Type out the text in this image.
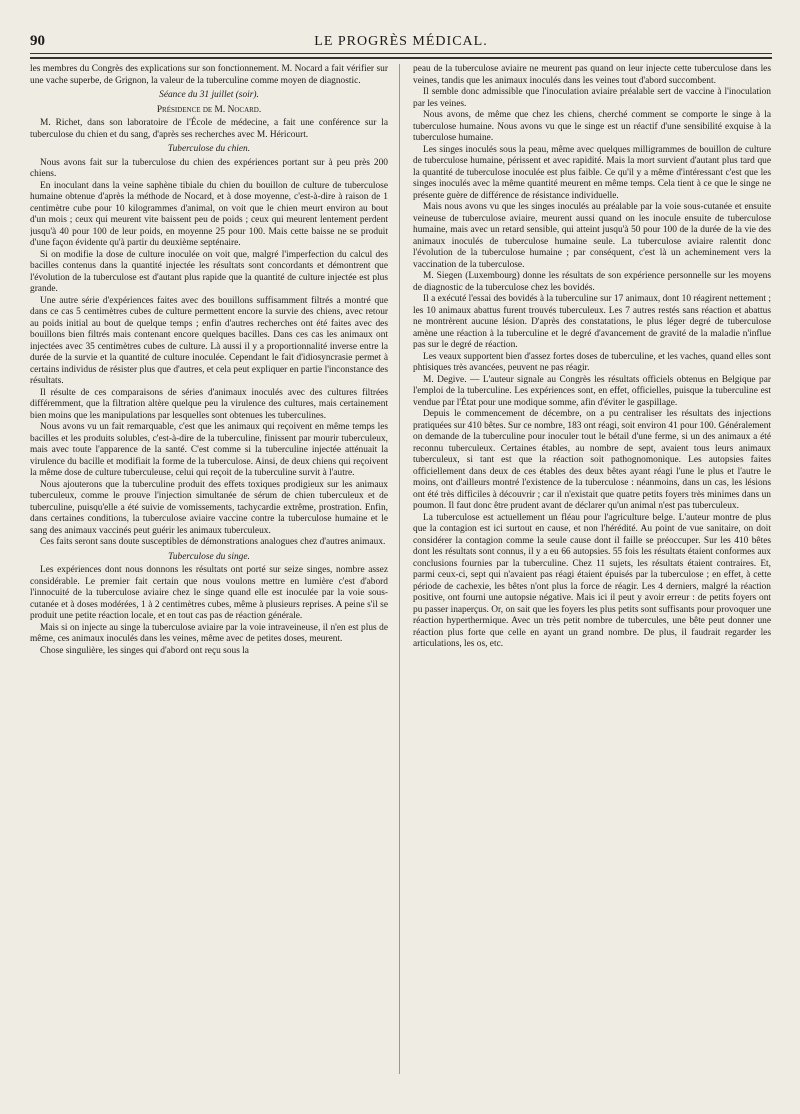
90	LE PROGRÈS MÉDICAL.

les membres du Congrès des explications sur son fonctionnement. M. Nocard a fait vérifier sur une vache superbe, de Grignon, la valeur de la tuberculine comme moyen de diagnostic.

Séance du 31 juillet (soir).

Présidence de M. Nocard.

M. Richet, dans son laboratoire de l'École de médecine, a fait une conférence sur la tuberculose du chien et du sang, d'après ses recherches avec M. Héricourt.

Tuberculose du chien.

Nous avons fait sur la tuberculose du chien des expériences portant sur à peu près 200 chiens.

En inoculant dans la veine saphène tibiale du chien du bouillon de culture de tuberculose humaine obtenue d'après la méthode de Nocard, et à dose moyenne, c'est-à-dire à raison de 1 centimètre cube pour 10 kilogrammes d'animal, on voit que le chien meurt environ au bout d'un mois ; ceux qui meurent vite baissent peu de poids ; ceux qui meurent lentement perdent jusqu'à 40 pour 100 de leur poids, en moyenne 25 pour 100. Mais cette baisse ne se produit d'une façon évidente qu'à partir du deuxième septénaire.

Si on modifie la dose de culture inoculée on voit que, malgré l'imperfection du calcul des bacilles contenus dans la quantité injectée les résultats sont concordants et démontrent que l'évolution de la tuberculose est d'autant plus rapide que la quantité de culture injectée est plus grande.

Une autre série d'expériences faites avec des bouillons suffisamment filtrés a montré que dans ce cas 5 centimètres cubes de culture permettent encore la survie des chiens, avec retour au poids initial au bout de quelque temps ; enfin d'autres recherches ont été faites avec des bouillons bien filtrés mais contenant encore quelques bacilles. Dans ces cas les animaux ont injectées avec 35 centimètres cubes de culture. Là aussi il y a proportionnalité inverse entre la durée de la survie et la quantité de culture inoculée. Cependant le fait d'idiosyncrasie permet à certains individus de résister plus que d'autres, et cela peut expliquer en partie l'inconstance des résultats.

Il résulte de ces comparaisons de séries d'animaux inoculés avec des cultures filtrées différemment, que la filtration altère quelque peu la virulence des cultures, mais certainement bien moins que les manipulations par lesquelles sont obtenues les tuberculines.

Nous avons vu un fait remarquable, c'est que les animaux qui reçoivent en même temps les bacilles et les produits solubles, c'est-à-dire de la tuberculine, finissent par mourir tuberculeux, mais avec toute l'apparence de la santé. C'est comme si la tuberculine injectée atténuait la virulence du bacille et modifiait la forme de la tuberculose. Ainsi, de deux chiens qui reçoivent la même dose de culture tuberculeuse, celui qui reçoit de la tuberculine survit à l'autre.

Nous ajouterons que la tuberculine produit des effets toxiques prodigieux sur les animaux tuberculeux, comme le prouve l'injection simultanée de sérum de chien tuberculeux et de tuberculine, puisqu'elle a été suivie de vomissements, tachycardie extrême, prostration. Enfin, dans certaines conditions, la tuberculose aviaire vaccine contre la tuberculose humaine et le sang des animaux vaccinés peut guérir les animaux tuberculeux.

Ces faits seront sans doute susceptibles de démonstrations analogues chez d'autres animaux.

Tuberculose du singe.

Les expériences dont nous donnons les résultats ont porté sur seize singes, nombre assez considérable. Le premier fait certain que nous voulons mettre en lumière c'est d'abord l'innocuité de la tuberculose aviaire chez le singe quand elle est inoculée par la voie sous-cutanée et à doses modérées, 1 à 2 centimètres cubes, même à plusieurs reprises. A peine s'il se produit une petite réaction locale, et en tout cas pas de réaction générale.

Mais si on injecte au singe la tuberculose aviaire par la voie intraveineuse, il n'en est plus de même, ces animaux inoculés dans les veines, même avec de petites doses, meurent.

Chose singulière, les singes qui d'abord ont reçu sous la

peau de la tuberculose aviaire ne meurent pas quand on leur injecte cette tuberculose dans les veines, tandis que les animaux inoculés dans les veines tout d'abord succombent.

Il semble donc admissible que l'inoculation aviaire préalable sert de vaccine à l'inoculation par les veines.

Nous avons, de même que chez les chiens, cherché comment se comporte le singe à la tuberculose humaine. Nous avons vu que le singe est un réactif d'une sensibilité exquise à la tuberculose humaine.

Les singes inoculés sous la peau, même avec quelques milligrammes de bouillon de culture de tuberculose humaine, périssent et avec rapidité. Mais la mort survient d'autant plus tard que la quantité de tuberculose inoculée est plus faible. Ce qu'il y a même d'intéressant c'est que les singes inoculés avec la même quantité meurent en même temps. Cela tient à ce que le singe ne présente guère de différence de résistance individuelle.

Mais nous avons vu que les singes inoculés au préalable par la voie sous-cutanée et ensuite veineuse de tuberculose aviaire, meurent aussi quand on les inocule ensuite de tuberculose humaine, mais avec un retard sensible, qui atteint jusqu'à 50 pour 100 de la durée de la vie des animaux inoculés de tuberculose humaine seule. La tuberculose aviaire ralentit donc l'évolution de la tuberculose humaine ; par conséquent, c'est là un acheminement vers la vaccination de la tuberculose.

M. Siegen (Luxembourg) donne les résultats de son expérience personnelle sur les moyens de diagnostic de la tuberculose chez les bovidés.

Il a exécuté l'essai des bovidés à la tuberculine sur 17 animaux, dont 10 réagirent nettement ; les 10 animaux abattus furent trouvés tuberculeux. Les 7 autres restés sans réaction et abattus ne montrèrent aucune lésion. D'après des constatations, le plus léger degré de tuberculose amène une réaction à la tuberculine et le degré d'avancement de gravité de la maladie n'influe pas sur le degré de réaction.

Les veaux supportent bien d'assez fortes doses de tuberculine, et les vaches, quand elles sont phtisiques très avancées, peuvent ne pas réagir.

M. Degive. — L'auteur signale au Congrès les résultats officiels obtenus en Belgique par l'emploi de la tuberculine. Les expériences sont, en effet, officielles, puisque la tuberculine est vendue par l'État pour une modique somme, afin d'éviter le gaspillage.

Depuis le commencement de décembre, on a pu centraliser les résultats des injections pratiquées sur 410 bêtes. Sur ce nombre, 183 ont réagi, soit environ 41 pour 100. Généralement on demande de la tuberculine pour inoculer tout le bétail d'une ferme, si un des animaux a été reconnu tuberculeux. Certaines étables, au nombre de sept, avaient tous leurs animaux tuberculeux, si tant est que la réaction soit pathognomonique. Les autopsies faites officiellement dans deux de ces étables des deux bêtes ayant réagi l'une le plus et l'autre le moins, ont d'ailleurs montré l'existence de la tuberculose : néanmoins, dans un cas, les lésions ont été très difficiles à découvrir ; car il n'existait que quatre petits foyers très minimes dans un poumon. Il faut donc être prudent avant de déclarer qu'un animal n'est pas tuberculeux.

La tuberculose est actuellement un fléau pour l'agriculture belge. L'auteur montre de plus que la contagion est ici surtout en cause, et non l'hérédité. Au point de vue sanitaire, on doit considérer la contagion comme la seule cause dont il faille se préoccuper. Sur les 410 bêtes dont les résultats sont connus, il y a eu 66 autopsies. 55 fois les résultats étaient conformes aux conclusions fournies par la tuberculine. Chez 11 sujets, les résultats étaient contraires. Et, parmi ceux-ci, sept qui n'avaient pas réagi étaient épuisés par la tuberculose ; en effet, à cette période de cachexie, les bêtes n'ont plus la force de réagir. Les 4 derniers, malgré la réaction positive, ont fourni une autopsie négative. Mais ici il peut y avoir erreur : de petits foyers ont pu passer inaperçus. Or, on sait que les foyers les plus petits sont suffisants pour provoquer une réaction hyperthermique. Avec un très petit nombre de tubercules, une bête peut donner une réaction plus forte que celle en ayant un grand nombre. De plus, il faudrait regarder les articulations, les os, etc.
